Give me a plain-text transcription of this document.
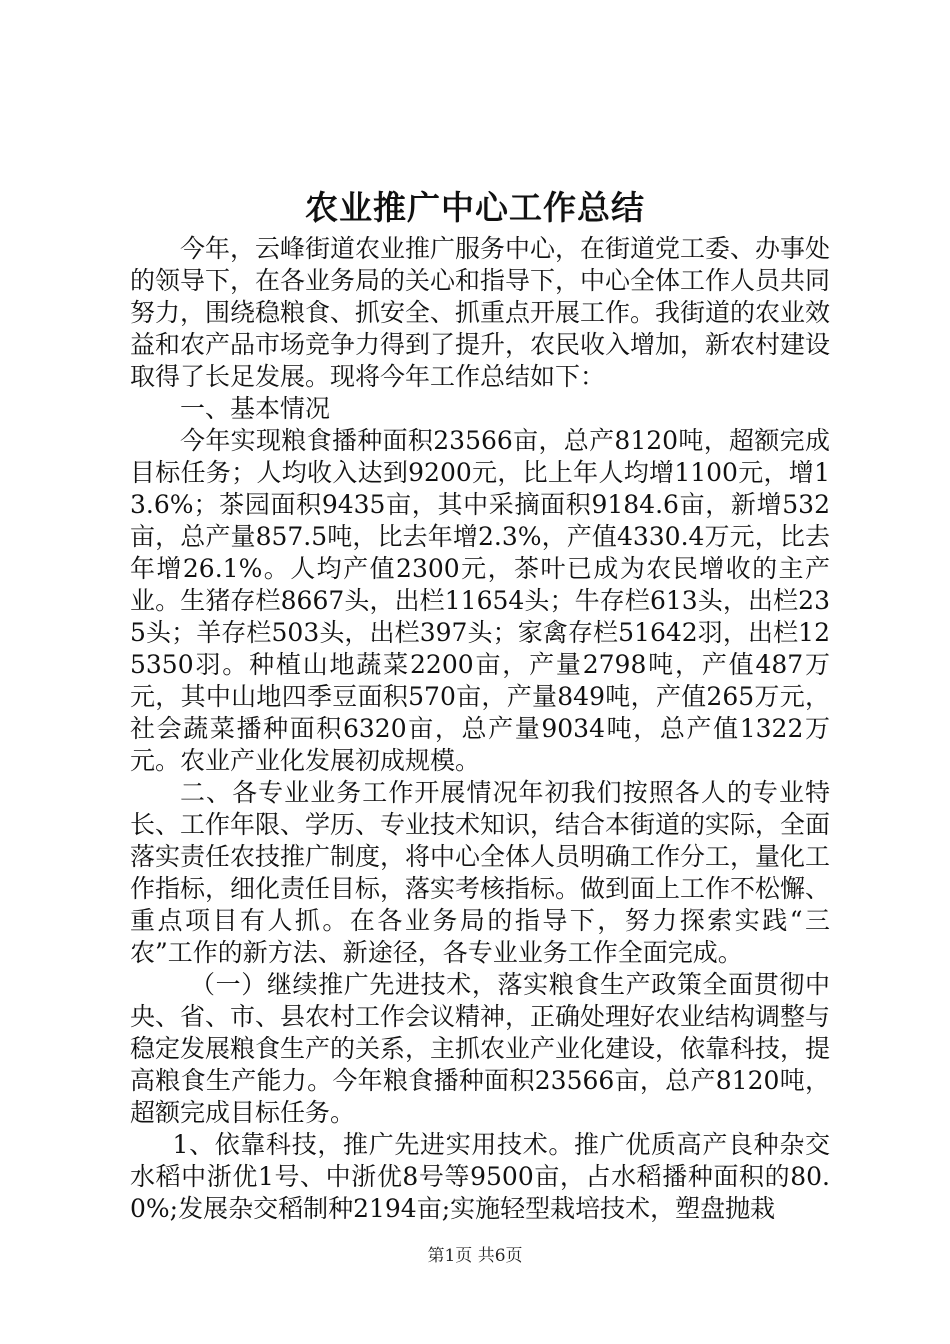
农业推广中心工作总结

今年，云峰街道农业推广服务中心，在街道党工委、办事处的领导下，在各业务局的关心和指导下，中心全体工作人员共同努力，围绕稳粮食、抓安全、抓重点开展工作。我街道的农业效益和农产品市场竞争力得到了提升，农民收入增加，新农村建设取得了长足发展。现将今年工作总结如下：

一、基本情况

今年实现粮食播种面积23566亩，总产8120吨，超额完成目标任务；人均收入达到9200元，比上年人均增1100元，增13.6%；茶园面积9435亩，其中采摘面积9184.6亩，新增532亩，总产量857.5吨，比去年增2.3%，产值4330.4万元，比去年增26.1%。人均产值2300元，茶叶已成为农民增收的主产业。生猪存栏8667头，出栏11654头；牛存栏613头，出栏235头；羊存栏503头，出栏397头；家禽存栏51642羽，出栏125350羽。种植山地蔬菜2200亩，产量2798吨，产值487万元，其中山地四季豆面积570亩，产量849吨，产值265万元，社会蔬菜播种面积6320亩，总产量9034吨，总产值1322万元。农业产业化发展初成规模。

二、各专业业务工作开展情况年初我们按照各人的专业特长、工作年限、学历、专业技术知识，结合本街道的实际，全面落实责任农技推广制度，将中心全体人员明确工作分工，量化工作指标，细化责任目标，落实考核指标。做到面上工作不松懈、重点项目有人抓。在各业务局的指导下，努力探索实践“三农”工作的新方法、新途径，各专业业务工作全面完成。

（一）继续推广先进技术，落实粮食生产政策全面贯彻中央、省、市、县农村工作会议精神，正确处理好农业结构调整与稳定发展粮食生产的关系，主抓农业产业化建设，依靠科技，提高粮食生产能力。今年粮食播种面积23566亩，总产8120吨，超额完成目标任务。

1、依靠科技，推广先进实用技术。推广优质高产良种杂交水稻中浙优1号、中浙优8号等9500亩，占水稻播种面积的80.0%;发展杂交稻制种2194亩;实施轻型栽培技术，塑盘抛栽

第1页 共6页
